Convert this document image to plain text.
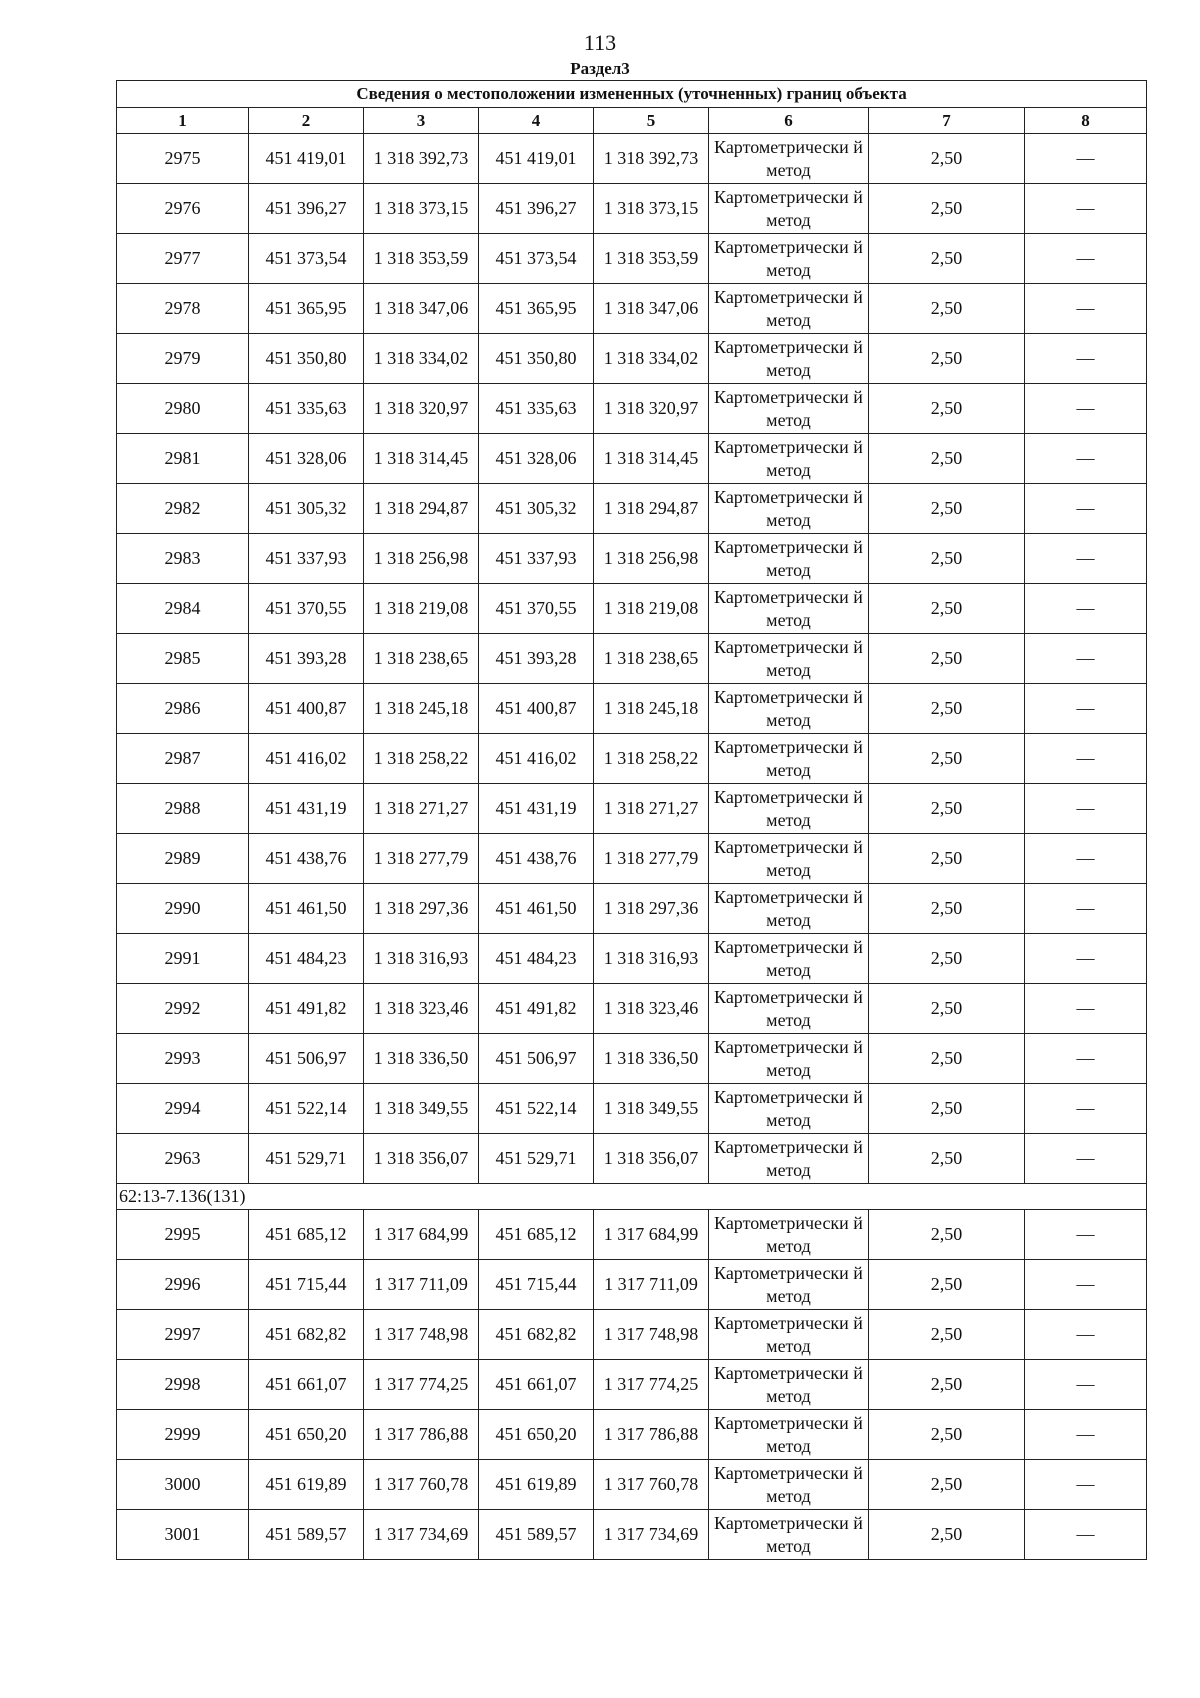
113
Раздел3
Сведения о местоположении измененных (уточненных) границ объекта							
1	2	3	4	5	6	7	8
2975	451 419,01	1 318 392,73	451 419,01	1 318 392,73	Картометрически й метод	2,50	—
2976	451 396,27	1 318 373,15	451 396,27	1 318 373,15	Картометрически й метод	2,50	—
2977	451 373,54	1 318 353,59	451 373,54	1 318 353,59	Картометрически й метод	2,50	—
2978	451 365,95	1 318 347,06	451 365,95	1 318 347,06	Картометрически й метод	2,50	—
2979	451 350,80	1 318 334,02	451 350,80	1 318 334,02	Картометрически й метод	2,50	—
2980	451 335,63	1 318 320,97	451 335,63	1 318 320,97	Картометрически й метод	2,50	—
2981	451 328,06	1 318 314,45	451 328,06	1 318 314,45	Картометрически й метод	2,50	—
2982	451 305,32	1 318 294,87	451 305,32	1 318 294,87	Картометрически й метод	2,50	—
2983	451 337,93	1 318 256,98	451 337,93	1 318 256,98	Картометрически й метод	2,50	—
2984	451 370,55	1 318 219,08	451 370,55	1 318 219,08	Картометрически й метод	2,50	—
2985	451 393,28	1 318 238,65	451 393,28	1 318 238,65	Картометрически й метод	2,50	—
2986	451 400,87	1 318 245,18	451 400,87	1 318 245,18	Картометрически й метод	2,50	—
2987	451 416,02	1 318 258,22	451 416,02	1 318 258,22	Картометрически й метод	2,50	—
2988	451 431,19	1 318 271,27	451 431,19	1 318 271,27	Картометрически й метод	2,50	—
2989	451 438,76	1 318 277,79	451 438,76	1 318 277,79	Картометрически й метод	2,50	—
2990	451 461,50	1 318 297,36	451 461,50	1 318 297,36	Картометрически й метод	2,50	—
2991	451 484,23	1 318 316,93	451 484,23	1 318 316,93	Картометрически й метод	2,50	—
2992	451 491,82	1 318 323,46	451 491,82	1 318 323,46	Картометрически й метод	2,50	—
2993	451 506,97	1 318 336,50	451 506,97	1 318 336,50	Картометрически й метод	2,50	—
2994	451 522,14	1 318 349,55	451 522,14	1 318 349,55	Картометрически й метод	2,50	—
2963	451 529,71	1 318 356,07	451 529,71	1 318 356,07	Картометрически й метод	2,50	—
62:13-7.136(131)							
2995	451 685,12	1 317 684,99	451 685,12	1 317 684,99	Картометрически й метод	2,50	—
2996	451 715,44	1 317 711,09	451 715,44	1 317 711,09	Картометрически й метод	2,50	—
2997	451 682,82	1 317 748,98	451 682,82	1 317 748,98	Картометрически й метод	2,50	—
2998	451 661,07	1 317 774,25	451 661,07	1 317 774,25	Картометрически й метод	2,50	—
2999	451 650,20	1 317 786,88	451 650,20	1 317 786,88	Картометрически й метод	2,50	—
3000	451 619,89	1 317 760,78	451 619,89	1 317 760,78	Картометрически й метод	2,50	—
3001	451 589,57	1 317 734,69	451 589,57	1 317 734,69	Картометрически й метод	2,50	—
